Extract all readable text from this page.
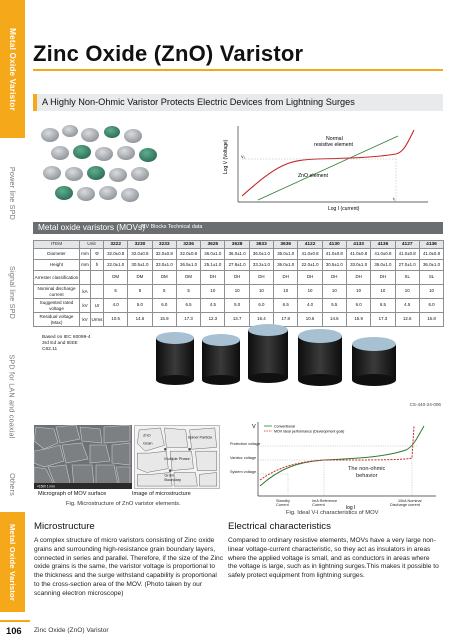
Metal Oxide Varistor
Power line SPD
Signal line SPD
SPD for LAN and coaxial
Others
Metal Oxide Varistor
Zinc Oxide (ZnO) Varistor
A Highly Non-Ohmic Varistor Protects Electric Devices from Lightning Surges
Log V (Voltage)
Log I (current)
V₁
I₁
Normal
resistive element
ZnO element
Metal oxide varistors (MOVs)
MV Blocks Technical data
ITEM	Unit		3222	3230	3233	3236	3625	3628	3633	3636	4122	4130	4133	4136	4127	4136
Diameter	mm	Φ	32.0±0.8	32.0±0.8	32.0±0.8	32.0±0.8	36.0±1.0	36.0±1.0	36.0±1.0	36.0±1.0	41.0±0.8	41.0±0.8	41.0±0.8	41.0±0.8	41.0±0.8	41.0±0.8
Height	mm	h	22.0±1.0	30.5±1.0	33.0±1.0	36.5±1.0	25.1±1.0	27.8±1.0	33.2±1.0	36.0±1.0	22.0±1.0	30.5±1.0	33.0±1.0	36.0±1.0	27.0±1.0	36.0±1.0
Arrester classification			DM	DM	DM	DM	DH	DH	DH	DH	DH	DH	DH	DH	SL	SL
Nominal discharge current	kA		5	5	5	5	10	10	10	10	10	10	10	10	10	10
Suggested rated voltage	kV	Ur	4.0	5.0	6.0	6.5	4.5	5.0	6.0	6.5	4.0	5.5	6.0	6.5	4.5	6.0
Residual voltage (Max)	kV	Urms	10.6	14.6	15.9	17.3	12.3	13.7	16.4	17.8	10.6	14.6	15.9	17.3	12.6	16.8
Based on IEC 60099-4 3rd Ed and IEEE C62.11
CS-440-24-006
×1500 1 mm
ZnO
Grain
Spinel Particle
Multiple Phase
Grain
Boundary
Micrograph of MOV surface	Image of microstructure
Fig. Microstructure of ZnO varistor elements.
V
log I
Conventional
MOV ideal performance (Development goal)
Protection voltage
Varistor voltage
System voltage
Standby
Current
ImA Reference
Current
10kA Nominal
Discharge current
The non-ohmic
behavior
Fig. Ideal V-I characteristics of MOV
Microstructure

A complex structure of micro varistors consisting of Zinc oxide grains and surrounding high-resistance grain boundary layers, connected in series and parallel. Therefore, if the size of the Zinc oxide grains is the same, the varistor voltage is proportional to the thickness and the surge withstand capability is proportional to the cross-section area of the MOV. (Photo taken by our scanning electron microscope)

Electrical characteristics

Compared to ordinary resistive elements, MOVs have a very large non-linear voltage-current characteristic, so they act as insulators in areas where the applied voltage is small, and as conductors in areas where the voltage is large, such as in lightning surges.This makes it possible to safely protect equipment from lightning surges.

106 Zinc Oxide (ZnO) Varistor
